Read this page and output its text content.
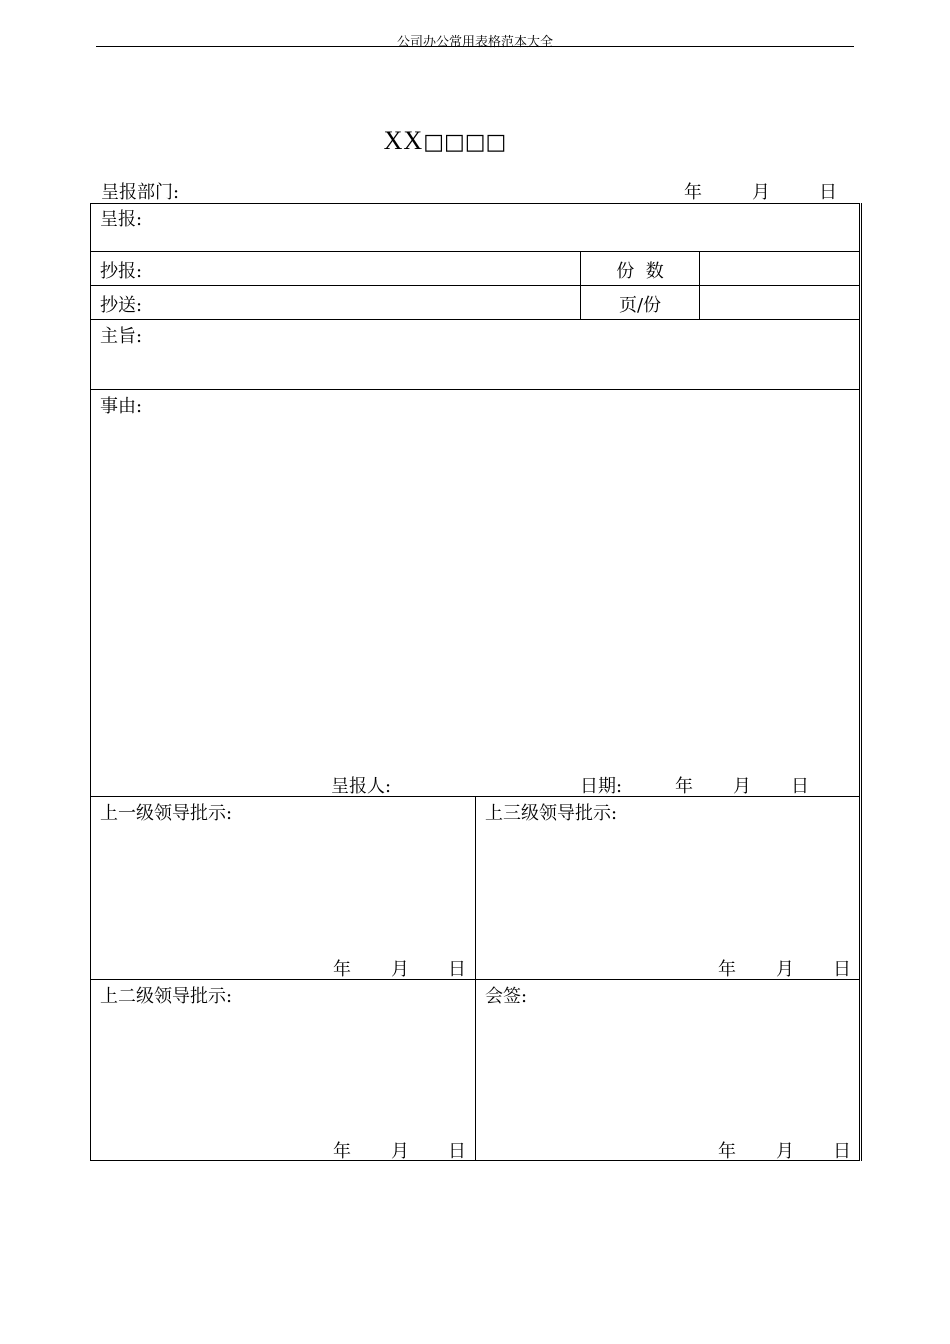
公司办公常用表格范本大全
XX□□□□
呈报部门:	年	月	日
呈报:
抄报:	份  数
抄送:	页/份
主旨:
事由:
呈报人:	日期:	年 月 日
上一级领导批示:
年 月 日
上三级领导批示:
年 月 日
上二级领导批示:
年 月 日
会签:
年 月 日
